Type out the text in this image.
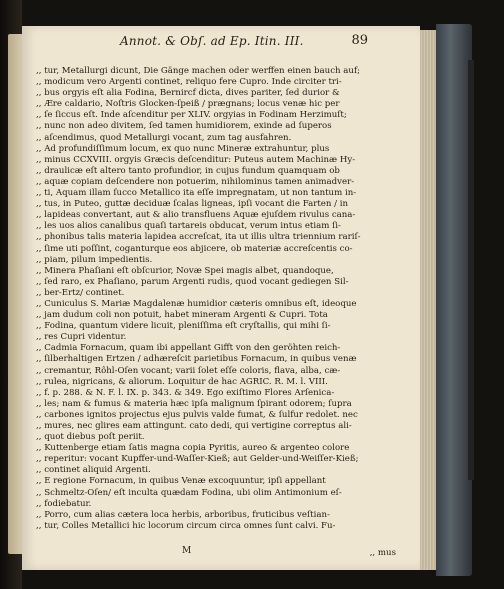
Annot. & Obſ. ad Ep. Itin. III.	89
,, tur, Metallurgi dicunt, Die Gänge machen oder werffen einen bauch auf;
,, modicum vero Argenti continet, reliquo fere Cupro. Inde circiter tri-
,, bus orgyis eſt alia Fodina, Bernircf dicta, dives pariter, ſed durior &
,, Ære caldario, Noſtris Glocken-ſpeiß / prægnans; locus venæ hic per
,, ſe ſiccus eſt. Inde aſcenditur per XLIV. orgyias in Fodinam Herzimuſt;
,, nunc non adeo divitem, ſed tamen humidiorem, exinde ad ſuperos
,, aſcendimus, quod Metallurgi vocant, zum tag ausfahren.
,, Ad profundiſſimum locum, ex quo nunc Mineræ extrahuntur, plus
,, minus CCXVIII. orgyis Græcis deſcenditur: Puteus autem Machinæ Hy-
,, draulicæ eſt altero tanto profundior, in cujus fundum quamquam ob
,, aquæ copiam deſcendere non potuerim, nihilominus tamen animadver-
,, ti, Aquam illam ſucco Metallico ita eſſe impregnatam, ut non tantum in-
,, tus, in Puteo, guttæ deciduæ ſcalas ligneas, ipſi vocant die Farten / in
,, lapideas convertant, aut & alio transfluens Aquæ ejuſdem rivulus cana-
,, les uos alios canalibus quaſi tartareis obducat, verum intus etiam ſi-
,, phonibus talis materia lapidea accreſcat, ita ut illis ultra triennium rariſ-
,, ſime uti poſſint, coganturque eos abjicere, ob materiæ accreſcentis co-
,, piam, pilum impedientis.
,, Minera Phaſiani eſt obſcurior, Novæ Spei magis albet, quandoque,
,, ſed raro, ex Phaſiano, parum Argenti rudis, quod vocant gediegen Sil-
,, ber-Ertz/ continet.
,, Cuniculus S. Mariæ Magdalenæ humidior cæteris omnibus eſt, ideoque
,, jam dudum coli non potuit, habet mineram Argenti & Cupri. Tota
,, Fodina, quantum videre licuit, pleniſſima eſt cryſtallis, qui mihi ſi-
,, res Cupri videntur.
,, Cadmia Fornacum, quam ibi appellant Gifft von den geröhten reich-
,, ſilberhaltigen Ertzen / adhæreſcit parietibus Fornacum, in quibus venæ
,, cremantur, Rôhl-Oſen vocant; varii ſolet eſſe coloris, flava, alba, cæ-
,, rulea, nigricans, & aliorum. Loquitur de hac AGRIC. R. M. l. VIII.
,, f. p. 288. & N. F. l. IX. p. 343. & 349. Ego exiſtimo Flores Arſenica-
,, les; nam & fumus & materia hæc ipſa malignum ſpirant odorem; ſupra
,, carbones ignitos projectus ejus pulvis valde fumat, & ſulfur redolet. nec
,, mures, nec glires eam attingunt. cato dedi, qui vertigine correptus ali-
,, quot diebus poſt periit.
,, Kuttenberge etiam ſatis magna copia Pyritis, aureo & argenteo colore
,, reperitur: vocant Kupffer-und-Waſſer-Kieß; aut Gelder-und-Weiſſer-Kieß;
,, continet aliquid Argenti.
,, E regione Fornacum, in quibus Venæ excoquuntur, ipſi appellant
,, Schmeltz-Oſen/ eſt inculta quædam Fodina, ubi olim Antimonium eſ-
,, fodiebatur.
,, Porro, cum alias cætera loca herbis, arboribus, fruticibus veſtian-
,, tur, Colles Metallici hic locorum circum circa omnes ſunt calvi. Fu-
M	,, mus
